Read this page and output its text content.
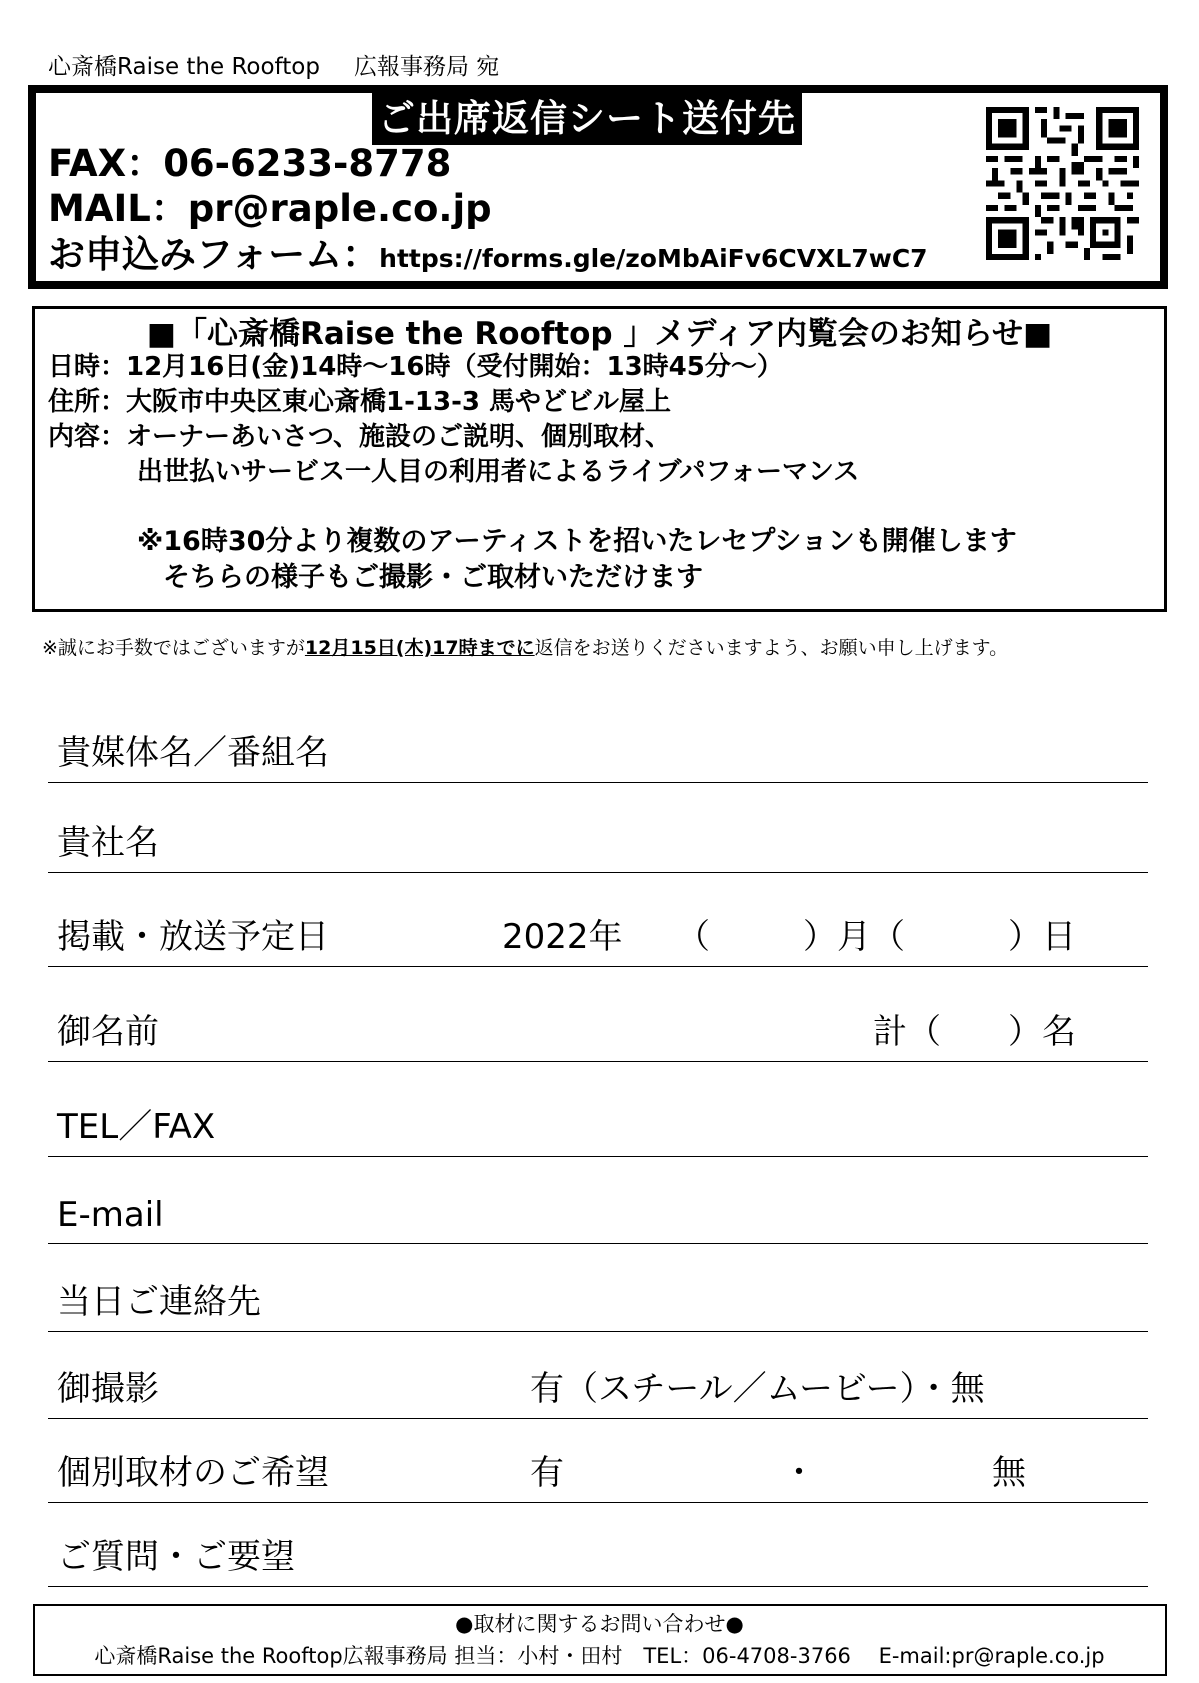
心斎橋Raise the Rooftop 広報事務局 宛
ご出席返信シート送付先
FAX：06-6233-8778
MAIL：pr@raple.co.jp
お申込みフォーム：https://forms.gle/zoMbAiFv6CVXL7wC7
■「心斎橋Raise the Rooftop 」メディア内覧会のお知らせ■
日時：12月16日(金)14時～16時（受付開始：13時45分～）
住所：大阪市中央区東心斎橋1-13-3 馬やどビル屋上
内容：オーナーあいさつ、施設のご説明、個別取材、
出世払いサービス一人目の利用者によるライブパフォーマンス
※16時30分より複数のアーティストを招いたレセプションも開催します
そちらの様子もご撮影・ご取材いただけます
※誠にお手数ではございますが12月15日(木)17時までに返信をお送りくださいますよう、お願い申し上げます。
貴媒体名／番組名
貴社名
掲載・放送予定日	2022年 （	）月（	）日
御名前	計（ ）名
TEL／FAX
E-mail
当日ご連絡先
御撮影	有（スチール／ムービー）・無
個別取材のご希望	有	・	無
ご質問・ご要望
●取材に関するお問い合わせ●
心斎橋Raise the Rooftop広報事務局 担当：小村・田村　TEL：06-4708-3766　 E-mail:pr@raple.co.jp
